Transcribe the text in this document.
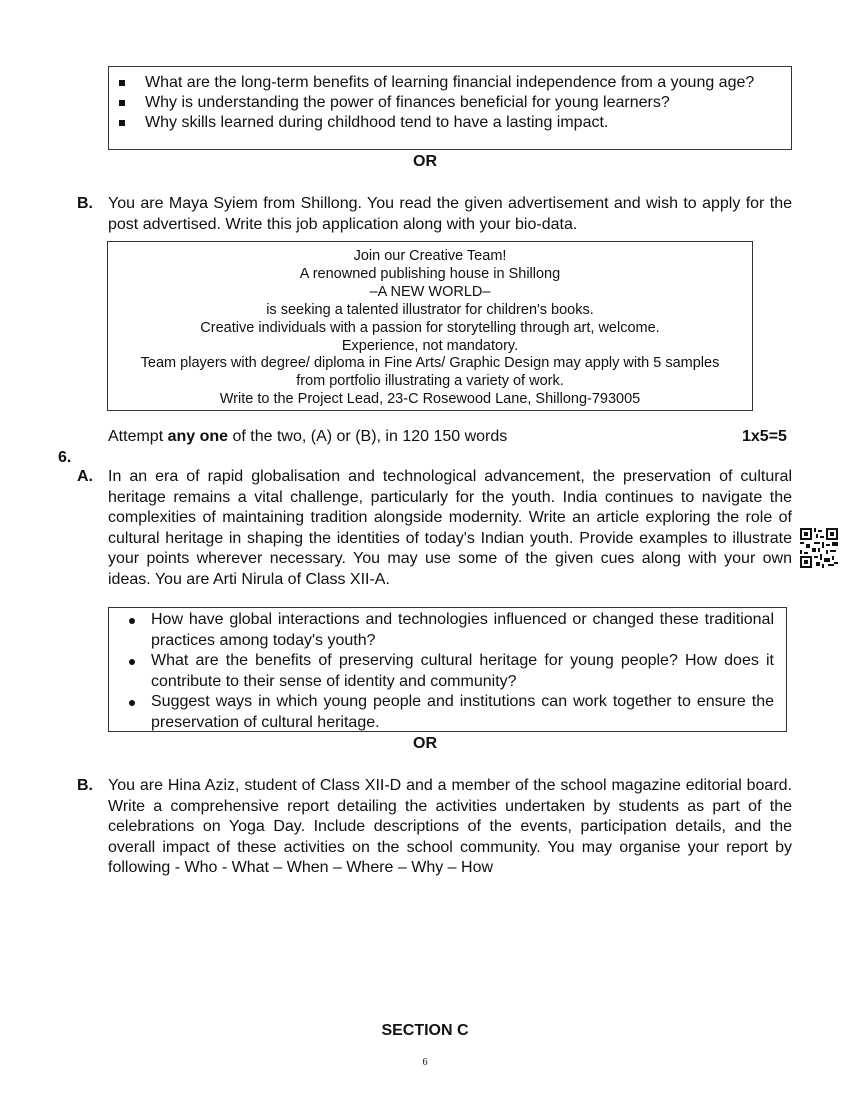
What are the long-term benefits of learning financial independence from a young age?
Why is understanding the power of finances beneficial for young learners?
Why skills learned during childhood tend to have a lasting impact.
OR
B. You are Maya Syiem from Shillong. You read the given advertisement and wish to apply for the post advertised. Write this job application along with your bio-data.
Join our Creative Team!
A renowned publishing house in Shillong
–A NEW WORLD–
is seeking a talented illustrator for children's books.
Creative individuals with a passion for storytelling through art, welcome.
Experience, not mandatory.
Team players with degree/ diploma in Fine Arts/ Graphic Design may apply with 5 samples
from portfolio illustrating a variety of work.
Write to the Project Lead, 23-C Rosewood Lane, Shillong-793005
Attempt any one of the two, (A) or (B), in 120 150 words	1x5=5
6.
A. In an era of rapid globalisation and technological advancement, the preservation of cultural heritage remains a vital challenge, particularly for the youth. India continues to navigate the complexities of maintaining tradition alongside modernity. Write an article exploring the role of cultural heritage in shaping the identities of today's Indian youth. Provide examples to illustrate your points wherever necessary. You may use some of the given cues along with your own ideas. You are Arti Nirula of Class XII-A.
How have global interactions and technologies influenced or changed these traditional practices among today's youth?
What are the benefits of preserving cultural heritage for young people? How does it contribute to their sense of identity and community?
Suggest ways in which young people and institutions can work together to ensure the preservation of cultural heritage.
OR
B. You are Hina Aziz, student of Class XII-D and a member of the school magazine editorial board. Write a comprehensive report detailing the activities undertaken by students as part of the celebrations on Yoga Day. Include descriptions of the events, participation details, and the overall impact of these activities on the school community. You may organise your report by following - Who - What – When – Where – Why – How
SECTION C
6
